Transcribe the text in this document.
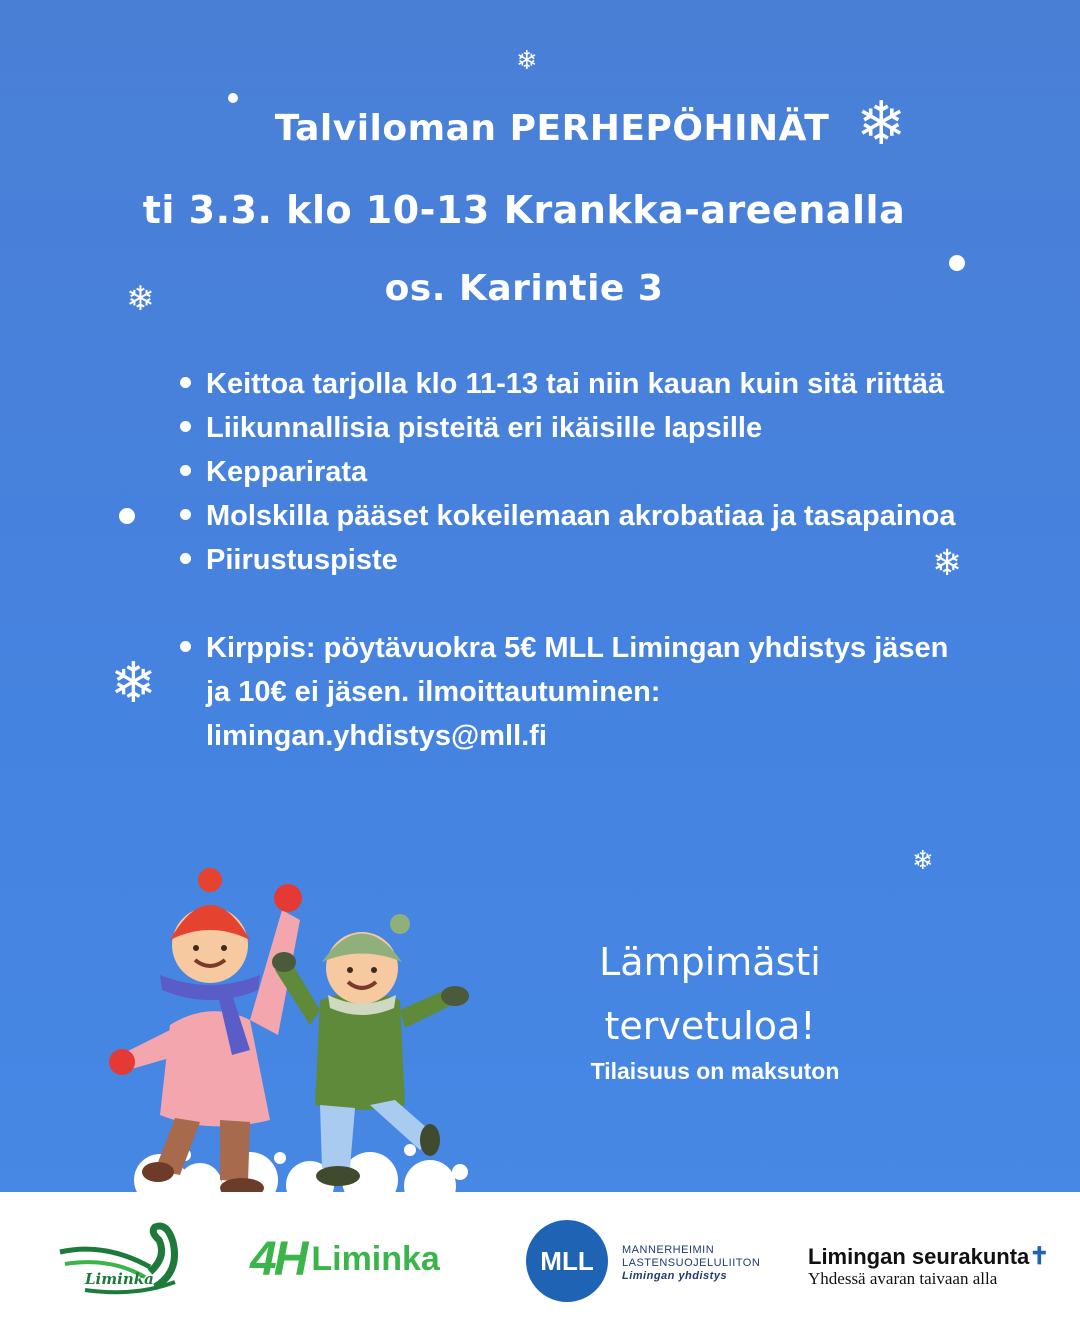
❄
❄
❄
❄
❄
❄
Talviloman PERHEPÖHINÄT
ti 3.3. klo 10-13 Krankka-areenalla
os. Karintie 3
Keittoa tarjolla klo 11-13 tai niin kauan kuin sitä riittää
Liikunnallisia pisteitä eri ikäisille lapsille
Kepparirata
Molskilla pääset kokeilemaan akrobatiaa ja tasapainoa
Piirustuspiste
Kirppis: pöytävuokra 5€ MLL Limingan yhdistys jäsen ja 10€ ei jäsen. ilmoittautuminen: limingan.yhdistys@mll.fi
Lämpimästi
tervetuloa!
Tilaisuus on maksuton
Liminka 4H Liminka	MLL	MANNERHEIMIN
LASTENSUOJELULIITON
Limingan yhdistys
Limingan seurakunta✝
Yhdessä avaran taivaan alla
